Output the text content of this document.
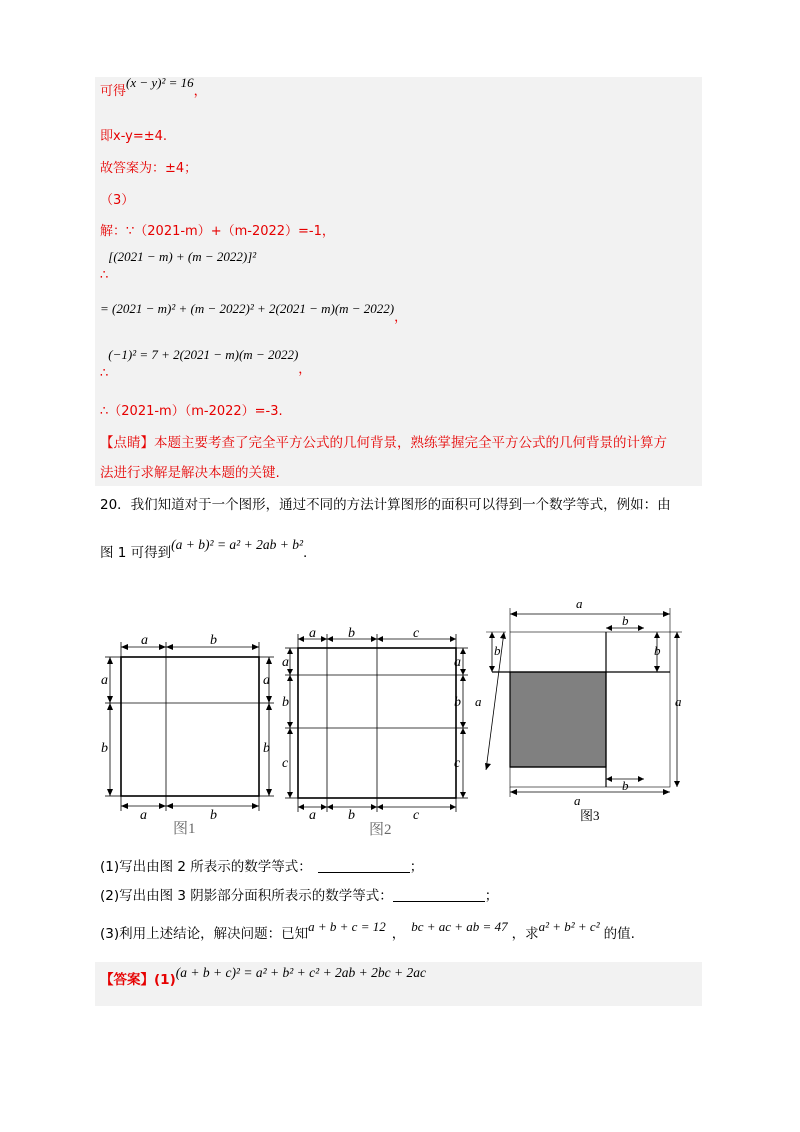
可得(x − y)² = 16，
即x-y=±4.
故答案为：±4；
（3）
解：∵（2021-m）+（m-2022）=-1，
∴[(2021 − m) + (m − 2022)]²
= (2021 − m)² + (m − 2022)² + 2(2021 − m)(m − 2022)，
∴(−1)² = 7 + 2(2021 − m)(m − 2022)，
∴（2021-m）（m-2022）=-3.
【点睛】本题主要考查了完全平方公式的几何背景，熟练掌握完全平方公式的几何背景的计算方
法进行求解是解决本题的关键.
20．我们知道对于一个图形，通过不同的方法计算图形的面积可以得到一个数学等式，例如：由
图 1 可得到(a + b)² = a² + 2ab + b².
a	b
a	b
a
b
a
b
图1
a b	c
a b	c
a
b
c
a
b
c
图2
a
b
b
a
b
a
b
a
图3
(1)写出由图 2 所表示的数学等式：	；
(2)写出由图 3 阴影部分面积所表示的数学等式：	；
(3)利用上述结论，解决问题：已知a + b + c = 12 ， bc + ac + ab = 47 ，求a² + b² + c² 的值.
【答案】(1)(a + b + c)² = a² + b² + c² + 2ab + 2bc + 2ac
